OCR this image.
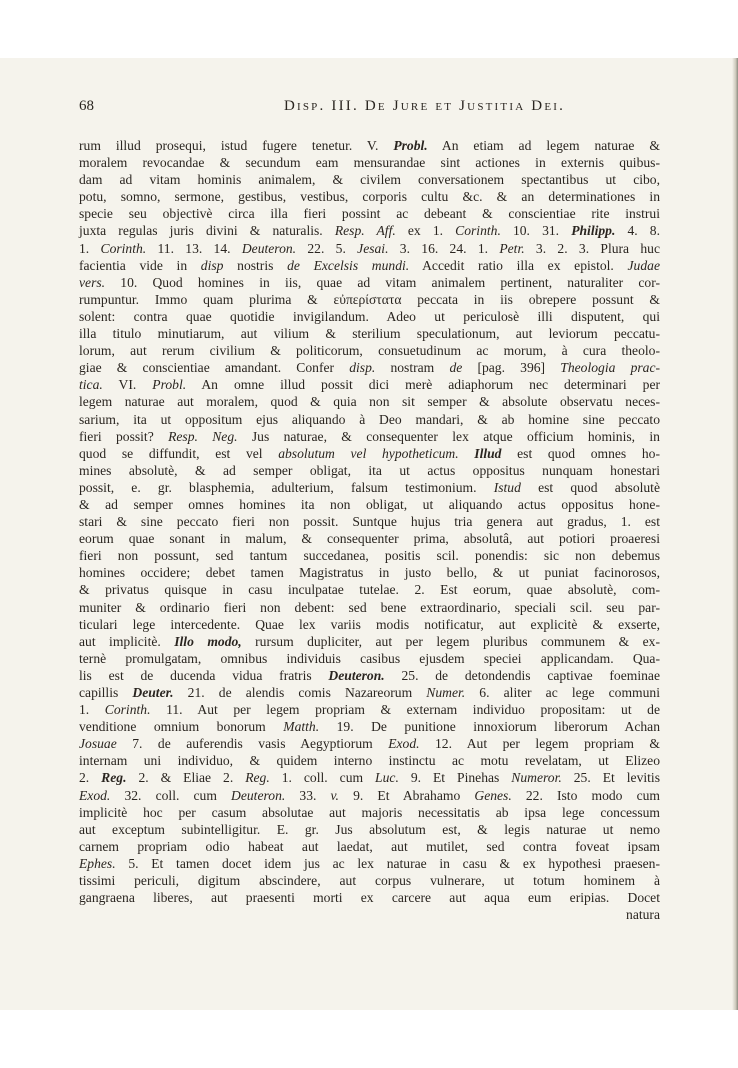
68	Disp. III. De Jure et Justitia Dei.
rum illud prosequi, istud fugere tenetur. V. Probl. An etiam ad legem naturae &
moralem revocandae & secundum eam mensurandae sint actiones in externis quibus-
dam ad vitam hominis animalem, & civilem conversationem spectantibus ut cibo,
potu, somno, sermone, gestibus, vestibus, corporis cultu &c. & an determinationes in
specie seu objectivè circa illa fieri possint ac debeant & conscientiae rite instrui
juxta regulas juris divini & naturalis. Resp. Aff. ex 1. Corinth. 10. 31. Philipp. 4. 8.
1. Corinth. 11. 13. 14. Deuteron. 22. 5. Jesai. 3. 16. 24. 1. Petr. 3. 2. 3. Plura huc
facientia vide in disp nostris de Excelsis mundi. Accedit ratio illa ex epistol. Judae
vers. 10. Quod homines in iis, quae ad vitam animalem pertinent, naturaliter cor-
rumpuntur. Immo quam plurima & εὐπερίστατα peccata in iis obrepere possunt &
solent: contra quae quotidie invigilandum. Adeo ut periculosè illi disputent, qui
illa titulo minutiarum, aut vilium & sterilium speculationum, aut leviorum peccatu-
lorum, aut rerum civilium & politicorum, consuetudinum ac morum, à cura theolo-
giae & conscientiae amandant. Confer disp. nostram de [pag. 396] Theologia prac-
tica. VI. Probl. An omne illud possit dici merè adiaphorum nec determinari per
legem naturae aut moralem, quod & quia non sit semper & absolute observatu neces-
sarium, ita ut oppositum ejus aliquando à Deo mandari, & ab homine sine peccato
fieri possit? Resp. Neg. Jus naturae, & consequenter lex atque officium hominis, in
quod se diffundit, est vel absolutum vel hypotheticum. Illud est quod omnes ho-
mines absolutè, & ad semper obligat, ita ut actus oppositus nunquam honestari
possit, e. gr. blasphemia, adulterium, falsum testimonium. Istud est quod absolutè
& ad semper omnes homines ita non obligat, ut aliquando actus oppositus hone-
stari & sine peccato fieri non possit. Suntque hujus tria genera aut gradus, 1. est
eorum quae sonant in malum, & consequenter prima, absolutâ, aut potiori proaeresi
fieri non possunt, sed tantum succedanea, positis scil. ponendis: sic non debemus
homines occidere; debet tamen Magistratus in justo bello, & ut puniat facinorosos,
& privatus quisque in casu inculpatae tutelae. 2. Est eorum, quae absolutè, com-
muniter & ordinario fieri non debent: sed bene extraordinario, speciali scil. seu par-
ticulari lege intercedente. Quae lex variis modis notificatur, aut explicitè & exserte,
aut implicitè. Illo modo, rursum dupliciter, aut per legem pluribus communem & ex-
ternè promulgatam, omnibus individuis casibus ejusdem speciei applicandam. Qua-
lis est de ducenda vidua fratris Deuteron. 25. de detondendis captivae foeminae
capillis Deuter. 21. de alendis comis Nazareorum Numer. 6. aliter ac lege communi
1. Corinth. 11. Aut per legem propriam & externam individuo propositam: ut de
venditione omnium bonorum Matth. 19. De punitione innoxiorum liberorum Achan
Josuae 7. de auferendis vasis Aegyptiorum Exod. 12. Aut per legem propriam &
internam uni individuo, & quidem interno instinctu ac motu revelatam, ut Elizeo
2. Reg. 2. & Eliae 2. Reg. 1. coll. cum Luc. 9. Et Pinehas Numeror. 25. Et levitis
Exod. 32. coll. cum Deuteron. 33. v. 9. Et Abrahamo Genes. 22. Isto modo cum
implicitè hoc per casum absolutae aut majoris necessitatis ab ipsa lege concessum
aut exceptum subintelligitur. E. gr. Jus absolutum est, & legis naturae ut nemo
carnem propriam odio habeat aut laedat, aut mutilet, sed contra foveat ipsam
Ephes. 5. Et tamen docet idem jus ac lex naturae in casu & ex hypothesi praesen-
tissimi periculi, digitum abscindere, aut corpus vulnerare, ut totum hominem à
gangraena liberes, aut praesenti morti ex carcere aut aqua eum eripias. Docet
natura
